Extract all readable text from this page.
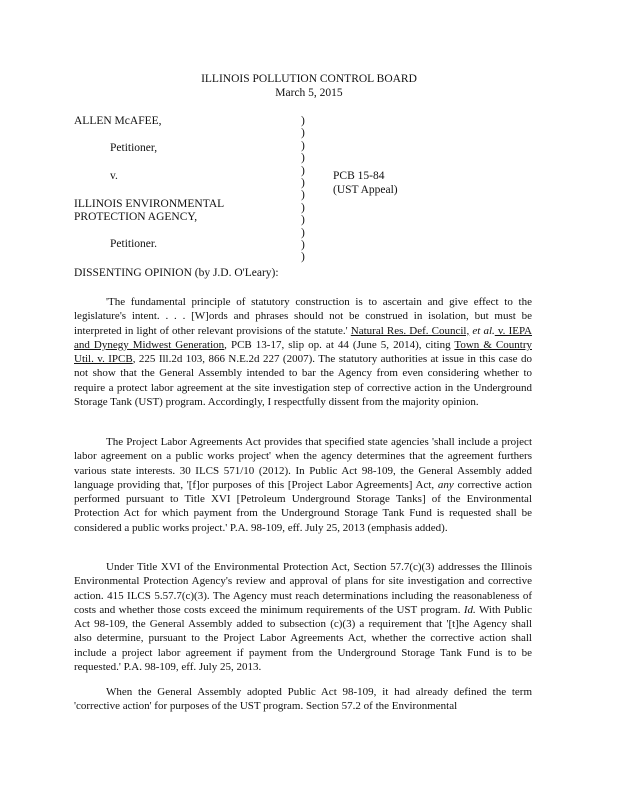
ILLINOIS POLLUTION CONTROL BOARD
March 5, 2015
ALLEN McAFEE,
Petitioner,
v.
ILLINOIS ENVIRONMENTAL
PROTECTION AGENCY,
Petitioner.
)
)
)
)
)
)
)
)
)
)
)
)
PCB 15-84
(UST Appeal)
DISSENTING OPINION (by J.D. O'Leary):
'The fundamental principle of statutory construction is to ascertain and give effect to the legislature's intent. . . . [W]ords and phrases should not be construed in isolation, but must be interpreted in light of other relevant provisions of the statute.' Natural Res. Def. Council, et al. v. IEPA and Dynegy Midwest Generation, PCB 13-17, slip op. at 44 (June 5, 2014), citing Town & Country Util. v. IPCB, 225 Ill.2d 103, 866 N.E.2d 227 (2007). The statutory authorities at issue in this case do not show that the General Assembly intended to bar the Agency from even considering whether to require a protect labor agreement at the site investigation step of corrective action in the Underground Storage Tank (UST) program. Accordingly, I respectfully dissent from the majority opinion.
The Project Labor Agreements Act provides that specified state agencies 'shall include a project labor agreement on a public works project' when the agency determines that the agreement furthers various state interests. 30 ILCS 571/10 (2012). In Public Act 98-109, the General Assembly added language providing that, '[f]or purposes of this [Project Labor Agreements] Act, any corrective action performed pursuant to Title XVI [Petroleum Underground Storage Tanks] of the Environmental Protection Act for which payment from the Underground Storage Tank Fund is requested shall be considered a public works project.' P.A. 98-109, eff. July 25, 2013 (emphasis added).
Under Title XVI of the Environmental Protection Act, Section 57.7(c)(3) addresses the Illinois Environmental Protection Agency's review and approval of plans for site investigation and corrective action. 415 ILCS 5.57.7(c)(3). The Agency must reach determinations including the reasonableness of costs and whether those costs exceed the minimum requirements of the UST program. Id. With Public Act 98-109, the General Assembly added to subsection (c)(3) a requirement that '[t]he Agency shall also determine, pursuant to the Project Labor Agreements Act, whether the corrective action shall include a project labor agreement if payment from the Underground Storage Tank Fund is to be requested.' P.A. 98-109, eff. July 25, 2013.
When the General Assembly adopted Public Act 98-109, it had already defined the term 'corrective action' for purposes of the UST program. Section 57.2 of the Environmental
